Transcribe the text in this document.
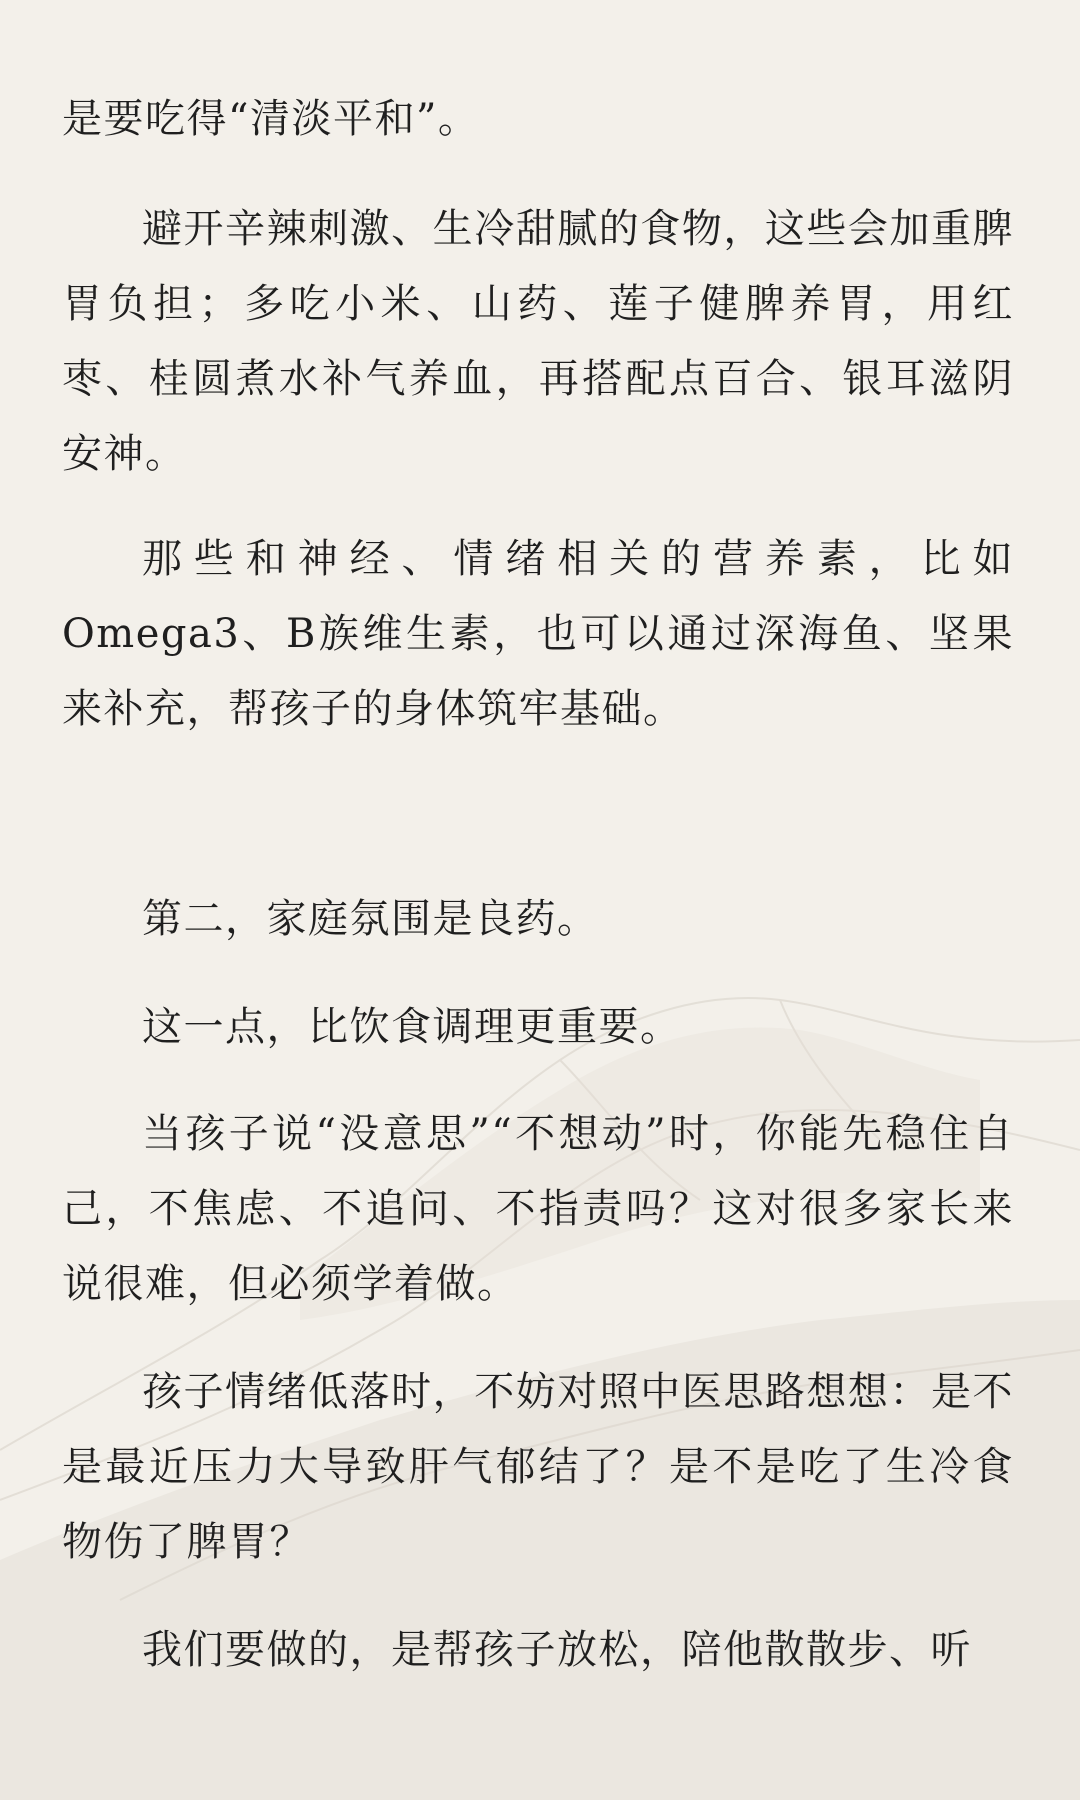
是要吃得“清淡平和”。

避开辛辣刺激、生冷甜腻的食物，这些会加重脾胃负担；多吃小米、山药、莲子健脾养胃，用红枣、桂圆煮水补气养血，再搭配点百合、银耳滋阴安神。

那些和神经、情绪相关的营养素，比如Omega3、B族维生素，也可以通过深海鱼、坚果来补充，帮孩子的身体筑牢基础。

第二，家庭氛围是良药。

这一点，比饮食调理更重要。

当孩子说“没意思”“不想动”时，你能先稳住自己，不焦虑、不追问、不指责吗？这对很多家长来说很难，但必须学着做。

孩子情绪低落时，不妨对照中医思路想想：是不是最近压力大导致肝气郁结了？是不是吃了生冷食物伤了脾胃？

我们要做的，是帮孩子放松，陪他散散步、听
